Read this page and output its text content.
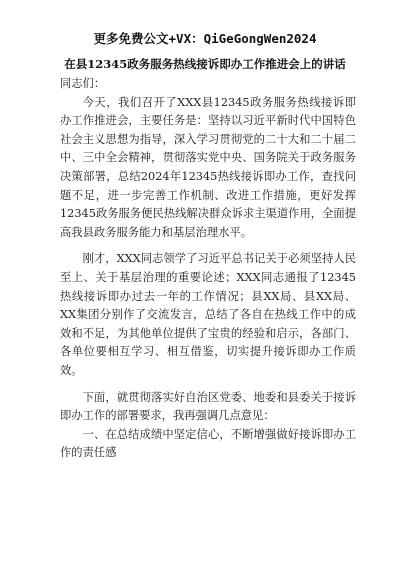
更多免费公文+VX：QiGeGongWen2024
在县12345政务服务热线接诉即办工作推进会上的讲话

同志们：

今天，我们召开了XXX县12345政务服务热线接诉即办工作推进会，主要任务是：坚持以习近平新时代中国特色社会主义思想为指导，深入学习贯彻党的二十大和二十届二中、三中全会精神，贯彻落实党中央、国务院关于政务服务决策部署，总结2024年12345热线接诉即办工作，查找问题不足，进一步完善工作机制、改进工作措施，更好发挥12345政务服务便民热线解决群众诉求主渠道作用，全面提高我县政务服务能力和基层治理水平。

刚才，XXX同志领学了习近平总书记关于必须坚持人民至上、关于基层治理的重要论述；XXX同志通报了12345热线接诉即办过去一年的工作情况；县XX局、县XX局、XX集团分别作了交流发言，总结了各自在热线工作中的成效和不足，为其他单位提供了宝贵的经验和启示，各部门、各单位要相互学习、相互借鉴，切实提升接诉即办工作质效。

下面，就贯彻落实好自治区党委、地委和县委关于接诉即办工作的部署要求，我再强调几点意见：

一、在总结成绩中坚定信心，不断增强做好接诉即办工作的责任感
